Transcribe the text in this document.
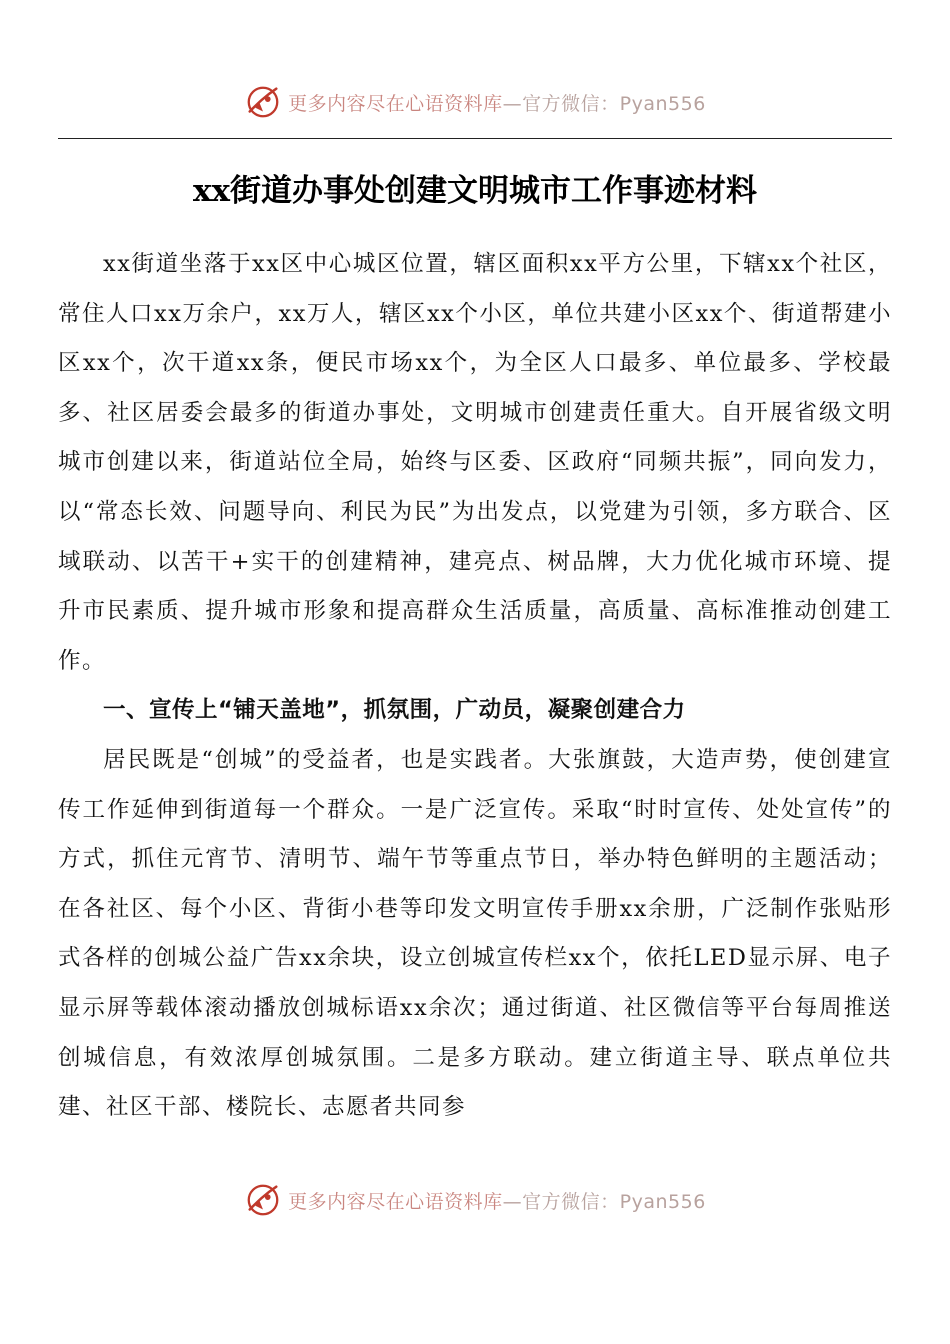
更多内容尽在心语资料库—官方微信：Pyan556
xx街道办事处创建文明城市工作事迹材料

xx街道坐落于xx区中心城区位置，辖区面积xx平方公里，下辖xx个社区，常住人口xx万余户，xx万人，辖区xx个小区，单位共建小区xx个、街道帮建小区xx个，次干道xx条，便民市场xx个，为全区人口最多、单位最多、学校最多、社区居委会最多的街道办事处，文明城市创建责任重大。自开展省级文明城市创建以来，街道站位全局，始终与区委、区政府“同频共振”，同向发力，以“常态长效、问题导向、利民为民”为出发点，以党建为引领，多方联合、区域联动、以苦干+实干的创建精神，建亮点、树品牌，大力优化城市环境、提升市民素质、提升城市形象和提高群众生活质量，高质量、高标准推动创建工作。

一、宣传上“铺天盖地”，抓氛围，广动员，凝聚创建合力

居民既是“创城”的受益者，也是实践者。大张旗鼓，大造声势，使创建宣传工作延伸到街道每一个群众。一是广泛宣传。采取“时时宣传、处处宣传”的方式，抓住元宵节、清明节、端午节等重点节日，举办特色鲜明的主题活动；在各社区、每个小区、背街小巷等印发文明宣传手册xx余册，广泛制作张贴形式各样的创城公益广告xx余块，设立创城宣传栏xx个，依托LED显示屏、电子显示屏等载体滚动播放创城标语xx余次；通过街道、社区微信等平台每周推送创城信息，有效浓厚创城氛围。二是多方联动。建立街道主导、联点单位共建、社区干部、楼院长、志愿者共同参

更多内容尽在心语资料库—官方微信：Pyan556
